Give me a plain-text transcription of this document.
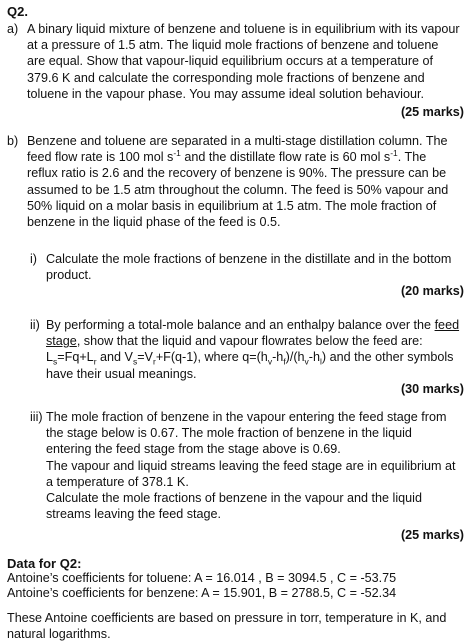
Q2.
a) A binary liquid mixture of benzene and toluene is in equilibrium with its vapour
at a pressure of 1.5 atm. The liquid mole fractions of benzene and toluene
are equal. Show that vapour-liquid equilibrium occurs at a temperature of
379.6 K and calculate the corresponding mole fractions of benzene and
toluene in the vapour phase. You may assume ideal solution behaviour.
(25 marks)
b) Benzene and toluene are separated in a multi-stage distillation column. The
feed flow rate is 100 mol $s^{-1}$ and the distillate flow rate is 60 mol $s^{-1}$. The
reflux ratio is 2.6 and the recovery of benzene is 90%. The pressure can be
assumed to be 1.5 atm throughout the column. The feed is 50% vapour and
50% liquid on a molar basis in equilibrium at 1.5 atm. The mole fraction of
benzene in the liquid phase of the feed is 0.5.
i) Calculate the mole fractions of benzene in the distillate and in the bottom
product.
(20 marks)
ii) By performing a total-mole balance and an enthalpy balance over the feed
stage, show that the liquid and vapour flowrates below the feed are:
$L_s=Fq+L_r$ and $V_s=V_r+F(q-1)$, where $q=(h_v-h_f)/(h_v-h_l)$ and the other symbols
have their usual meanings.
(30 marks)
iii) The mole fraction of benzene in the vapour entering the feed stage from
the stage below is 0.67. The mole fraction of benzene in the liquid
entering the feed stage from the stage above is 0.69.
The vapour and liquid streams leaving the feed stage are in equilibrium at
a temperature of 378.1 K.
Calculate the mole fractions of benzene in the vapour and the liquid
streams leaving the feed stage.
(25 marks)
Data for Q2:
Antoine’s coefficients for toluene: A = 16.014 , B = 3094.5 , C = -53.75
Antoine’s coefficients for benzene: A = 15.901, B = 2788.5, C = -52.34
These Antoine coefficients are based on pressure in torr, temperature in K, and
natural logarithms.
